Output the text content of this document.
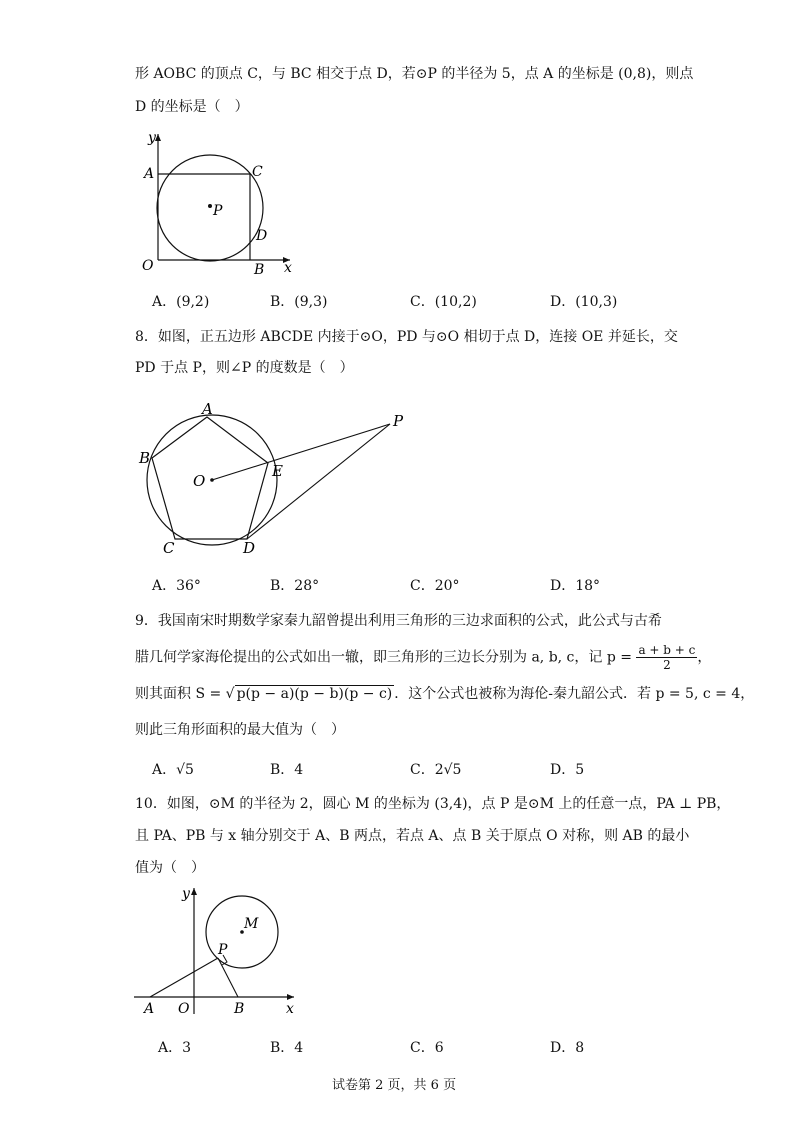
形 AOBC 的顶点 C，与 BC 相交于点 D，若⊙P 的半径为 5，点 A 的坐标是 (0,8)，则点
D 的坐标是（　）
y
A	C
P
D
O	B x
A．(9,2)	B．(9,3)	C．(10,2)	D．(10,3)
8．如图，正五边形 ABCDE 内接于⊙O，PD 与⊙O 相切于点 D，连接 OE 并延长，交
PD 于点 P，则∠P 的度数是（　）
A
B
C	D
E
O
P
A．36°	B．28°	C．20°	D．18°
9．我国南宋时期数学家秦九韶曾提出利用三角形的三边求面积的公式，此公式与古希
腊几何学家海伦提出的公式如出一辙，即三角形的三边长分别为 a, b, c，记 $p = \frac{a + b + c}{2}$ ，
则其面积 S = √ p(p − a)(p − b)(p − c) ．这个公式也被称为海伦-秦九韶公式．若 p = 5, c = 4，
则此三角形面积的最大值为（　）
A．√5	B．4	C．2√5	D．5
10．如图，⊙M 的半径为 2，圆心 M 的坐标为 (3,4)，点 P 是⊙M 上的任意一点，PA ⊥ PB，
且 PA、PB 与 x 轴分别交于 A、B 两点，若点 A、点 B 关于原点 O 对称，则 AB 的最小
值为（　）
y
M
P
A O	B	x
A．3	B．4	C．6	D．8
试卷第 2 页，共 6 页
